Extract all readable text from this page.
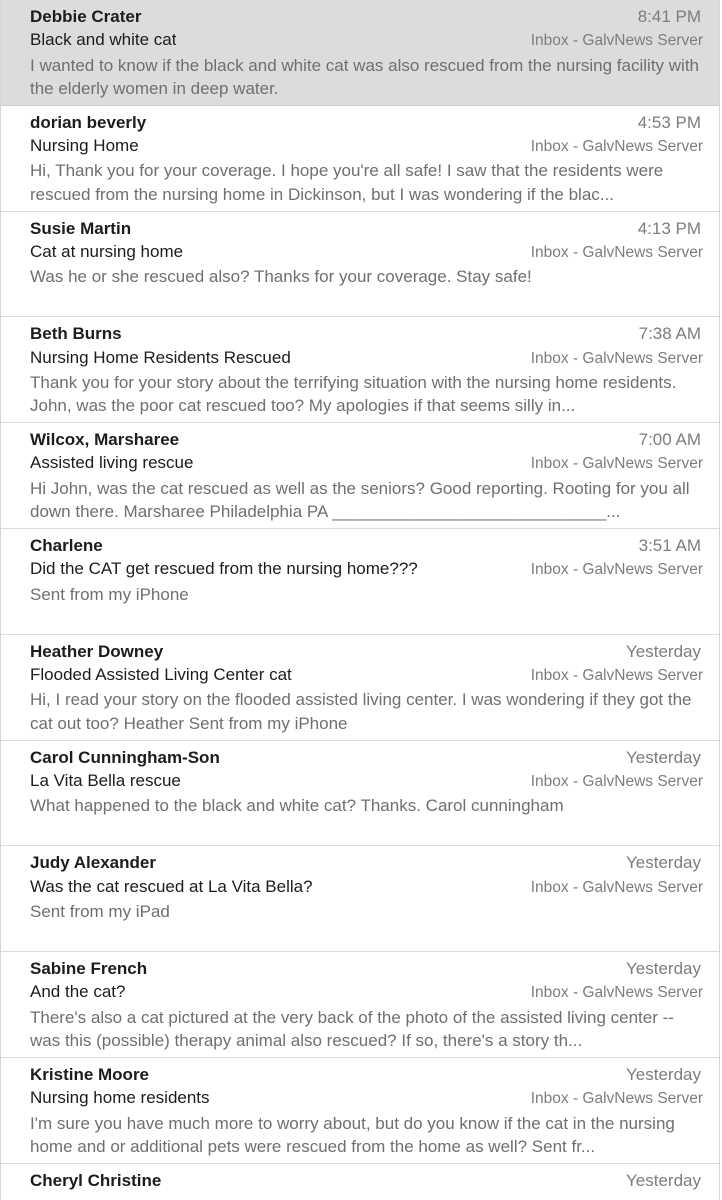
Debbie Crater	8:41 PM
Black and white cat	Inbox - GalvNews Server
I wanted to know if the black and white cat was also rescued from the nursing facility with the elderly women in deep water.
dorian beverly	4:53 PM
Nursing Home	Inbox - GalvNews Server
Hi, Thank you for your coverage. I hope you're all safe! I saw that the residents were rescued from the nursing home in Dickinson, but I was wondering if the blac...
Susie Martin	4:13 PM
Cat at nursing home	Inbox - GalvNews Server
Was he or she rescued also? Thanks for your coverage. Stay safe!
Beth Burns	7:38 AM
Nursing Home Residents Rescued	Inbox - GalvNews Server
Thank you for your story about the terrifying situation with the nursing home residents. John, was the poor cat rescued too? My apologies if that seems silly in...
Wilcox, Marsharee	7:00 AM
Assisted living rescue	Inbox - GalvNews Server
Hi John, was the cat rescued as well as the seniors? Good reporting. Rooting for you all down there. Marsharee Philadelphia PA _____________________________...
Charlene	3:51 AM
Did the CAT get rescued from the nursing home???	Inbox - GalvNews Server
Sent from my iPhone
Heather Downey	Yesterday
Flooded Assisted Living Center cat	Inbox - GalvNews Server
Hi, I read your story on the flooded assisted living center. I was wondering if they got the cat out too? Heather Sent from my iPhone
Carol Cunningham-Son	Yesterday
La Vita Bella rescue	Inbox - GalvNews Server
What happened to the black and white cat? Thanks. Carol cunningham
Judy Alexander	Yesterday
Was the cat rescued at La Vita Bella?	Inbox - GalvNews Server
Sent from my iPad
Sabine French	Yesterday
And the cat?	Inbox - GalvNews Server
There's also a cat pictured at the very back of the photo of the assisted living center -- was this (possible) therapy animal also rescued? If so, there's a story th...
Kristine Moore	Yesterday
Nursing home residents	Inbox - GalvNews Server
I'm sure you have much more to worry about, but do you know if the cat in the nursing home and or additional pets were rescued from the home as well? Sent fr...
Cheryl Christine	Yesterday
